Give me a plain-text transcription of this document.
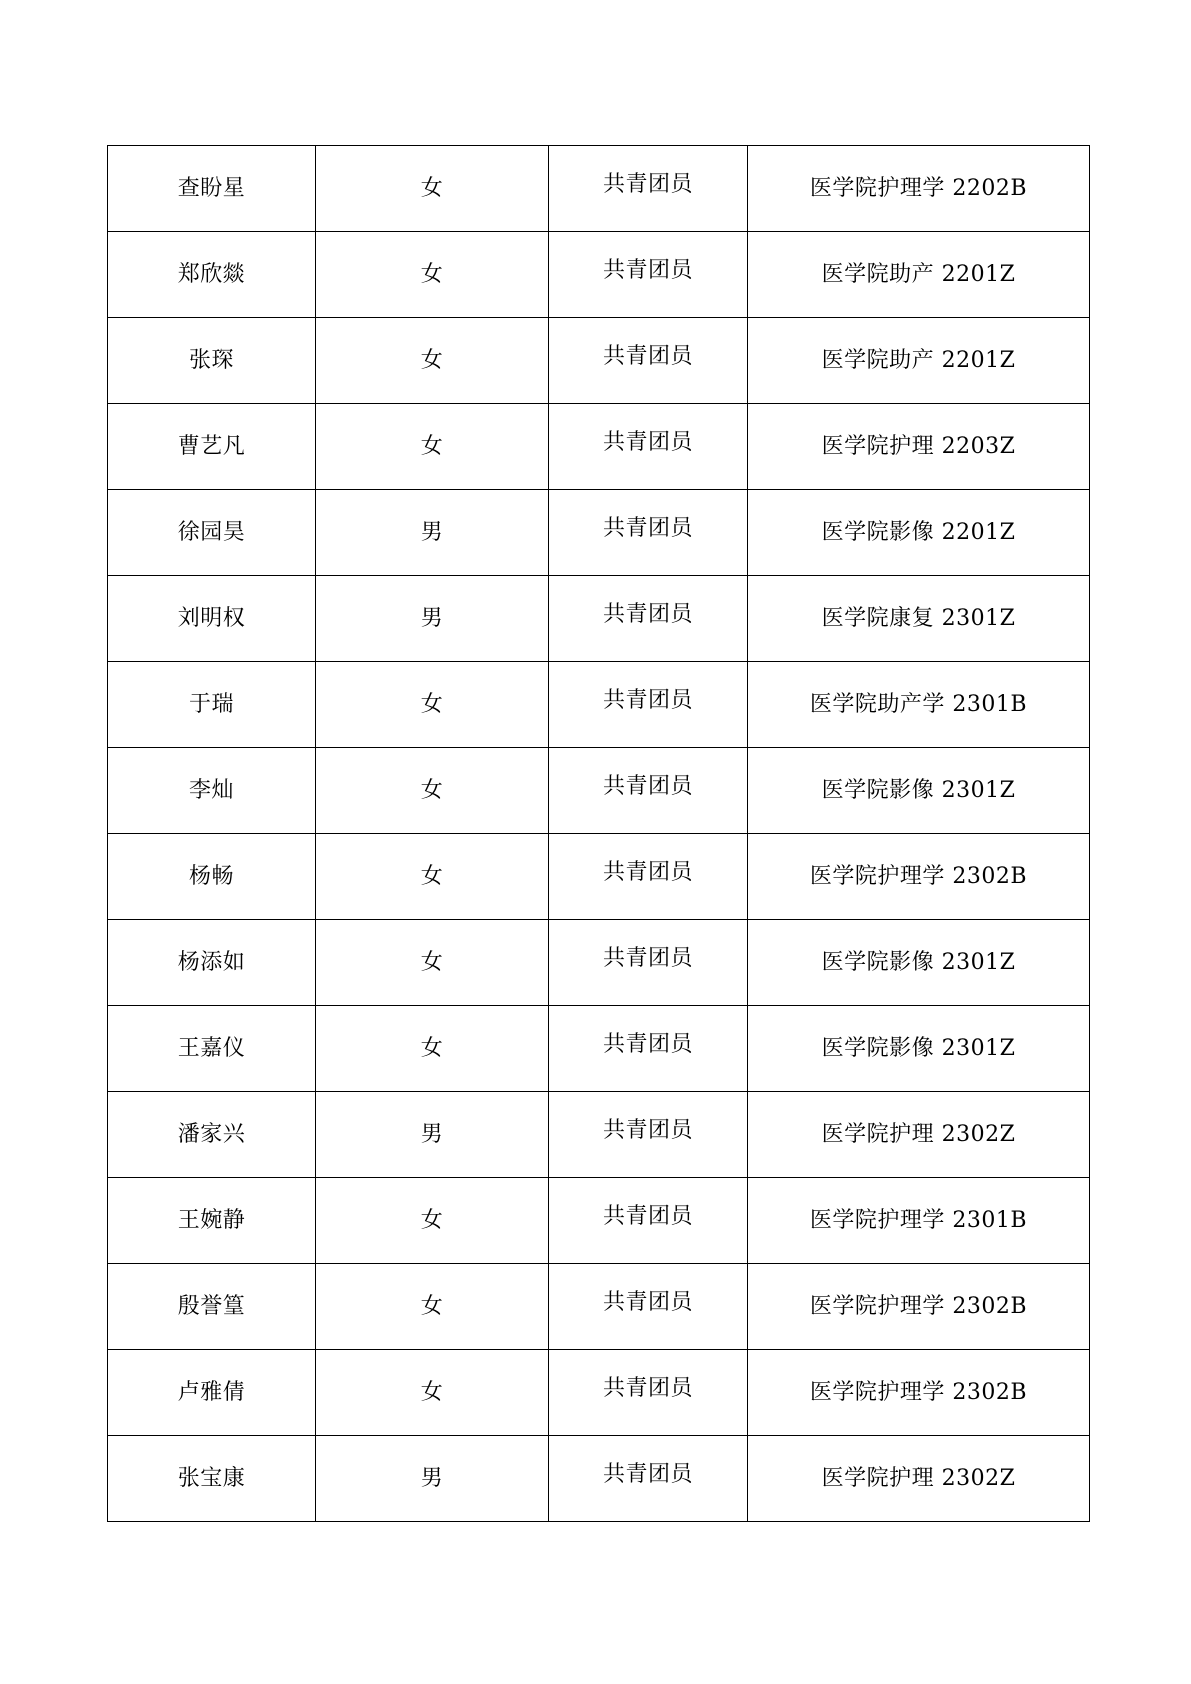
查盼星	女	共青团员	医学院护理学 2202B
郑欣燚	女	共青团员	医学院助产 2201Z
张琛	女	共青团员	医学院助产 2201Z
曹艺凡	女	共青团员	医学院护理 2203Z
徐园昊	男	共青团员	医学院影像 2201Z
刘明权	男	共青团员	医学院康复 2301Z
于瑞	女	共青团员	医学院助产学 2301B
李灿	女	共青团员	医学院影像 2301Z
杨畅	女	共青团员	医学院护理学 2302B
杨添如	女	共青团员	医学院影像 2301Z
王嘉仪	女	共青团员	医学院影像 2301Z
潘家兴	男	共青团员	医学院护理 2302Z
王婉静	女	共青团员	医学院护理学 2301B
殷誉篁	女	共青团员	医学院护理学 2302B
卢雅倩	女	共青团员	医学院护理学 2302B
张宝康	男	共青团员	医学院护理 2302Z
